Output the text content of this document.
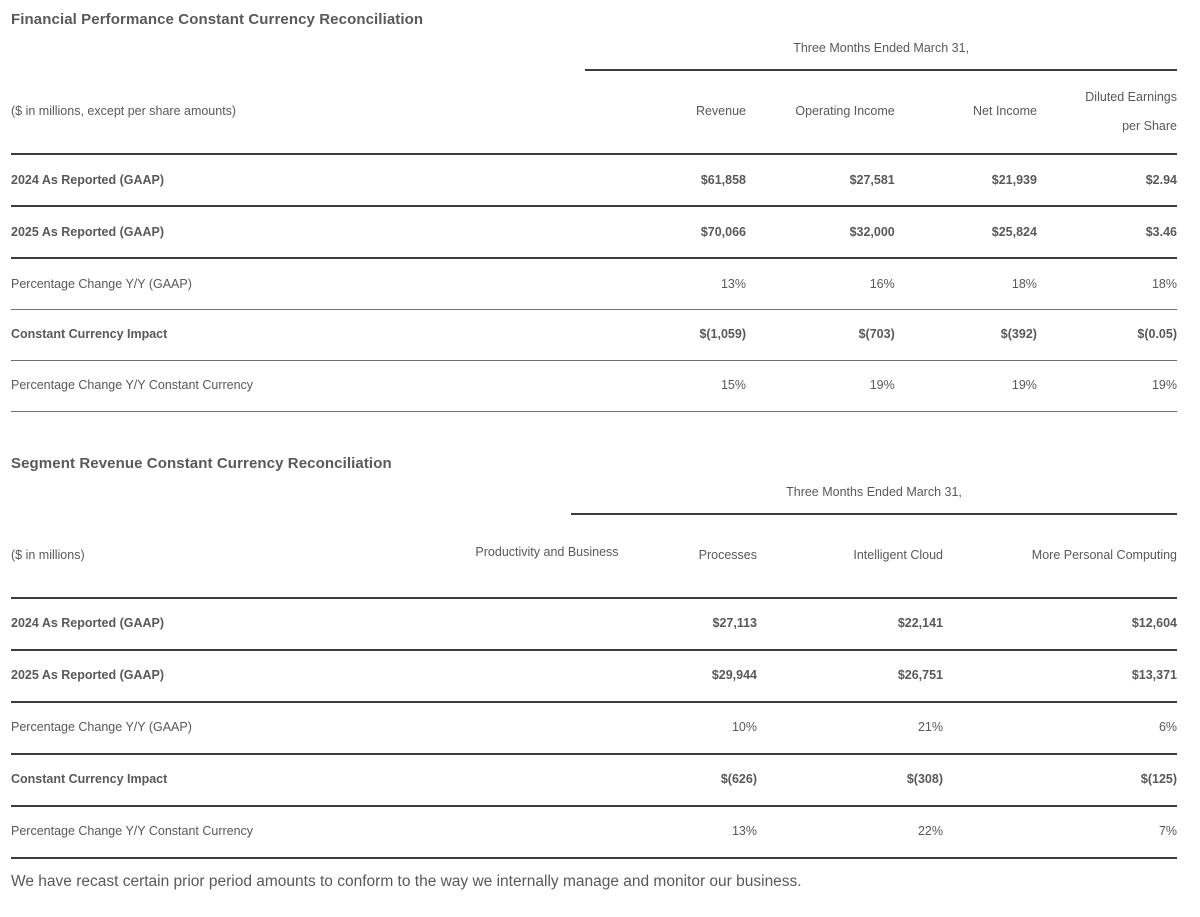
Financial Performance Constant Currency Reconciliation
	Three Months Ended March 31,			

($ in millions, except per share amounts)	Revenue	Operating Income	Net Income	Diluted Earnings
per Share

2024 As Reported (GAAP)	$61,858	$27,581	$21,939	$2.94

2025 As Reported (GAAP)	$70,066	$32,000	$25,824	$3.46

Percentage Change Y/Y (GAAP)	13%	16%	18%	18%

Constant Currency Impact	$(1,059)	$(703)	$(392)	$(0.05)

Percentage Change Y/Y Constant Currency	15%	19%	19%	19%

Segment Revenue Constant Currency Reconciliation
	Three Months Ended March 31,		

($ in millions)	Productivity and Business Processes	Intelligent Cloud	More Personal Computing

2024 As Reported (GAAP)	$27,113	$22,141	$12,604

2025 As Reported (GAAP)	$29,944	$26,751	$13,371

Percentage Change Y/Y (GAAP)	10%	21%	6%

Constant Currency Impact	$(626)	$(308)	$(125)

Percentage Change Y/Y Constant Currency	13%	22%	7%

We have recast certain prior period amounts to conform to the way we internally manage and monitor our business.
